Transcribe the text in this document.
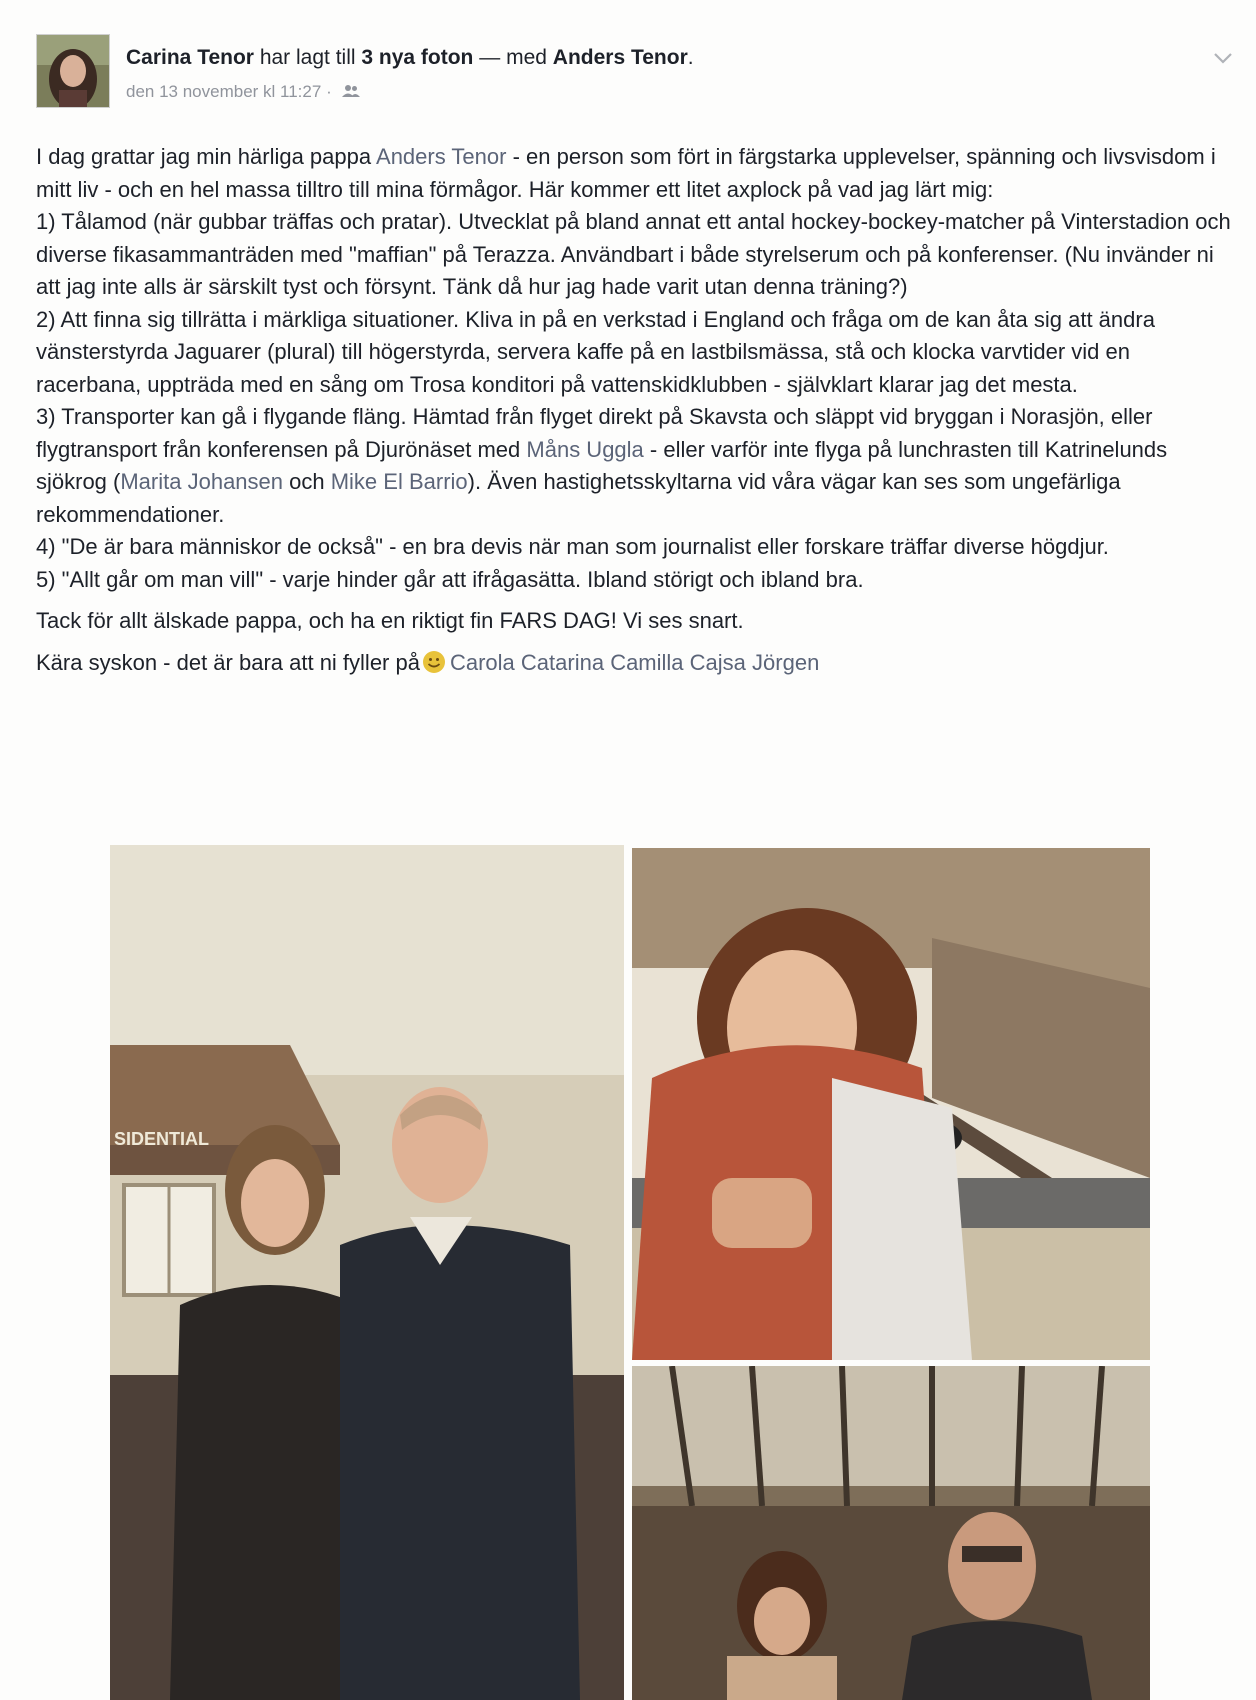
Carina Tenor har lagt till 3 nya foton — med Anders Tenor.
den 13 november kl 11:27 ·

I dag grattar jag min härliga pappa Anders Tenor - en person som fört in färgstarka upplevelser, spänning och livsvisdom i mitt liv - och en hel massa tilltro till mina förmågor. Här kommer ett litet axplock på vad jag lärt mig:

1) Tålamod (när gubbar träffas och pratar). Utvecklat på bland annat ett antal hockey-bockey-matcher på Vinterstadion och diverse fikasammanträden med "maffian" på Terazza. Användbart i både styrelserum och på konferenser. (Nu invänder ni att jag inte alls är särskilt tyst och försynt. Tänk då hur jag hade varit utan denna träning?)

2) Att finna sig tillrätta i märkliga situationer. Kliva in på en verkstad i England och fråga om de kan åta sig att ändra vänsterstyrda Jaguarer (plural) till högerstyrda, servera kaffe på en lastbilsmässa, stå och klocka varvtider vid en racerbana, uppträda med en sång om Trosa konditori på vattenskidklubben - självklart klarar jag det mesta.

3) Transporter kan gå i flygande fläng. Hämtad från flyget direkt på Skavsta och släppt vid bryggan i Norasjön, eller flygtransport från konferensen på Djurönäset med Måns Uggla - eller varför inte flyga på lunchrasten till Katrinelunds sjökrog (Marita Johansen och Mike El Barrio). Även hastighetsskyltarna vid våra vägar kan ses som ungefärliga rekommendationer.

4) "De är bara människor de också" - en bra devis när man som journalist eller forskare träffar diverse högdjur.

5) "Allt går om man vill" - varje hinder går att ifrågasätta. Ibland störigt och ibland bra.

Tack för allt älskade pappa, och ha en riktigt fin FARS DAG! Vi ses snart.

Kära syskon - det är bara att ni fyller på Carola Catarina Camilla Cajsa Jörgen

SIDENTIAL
